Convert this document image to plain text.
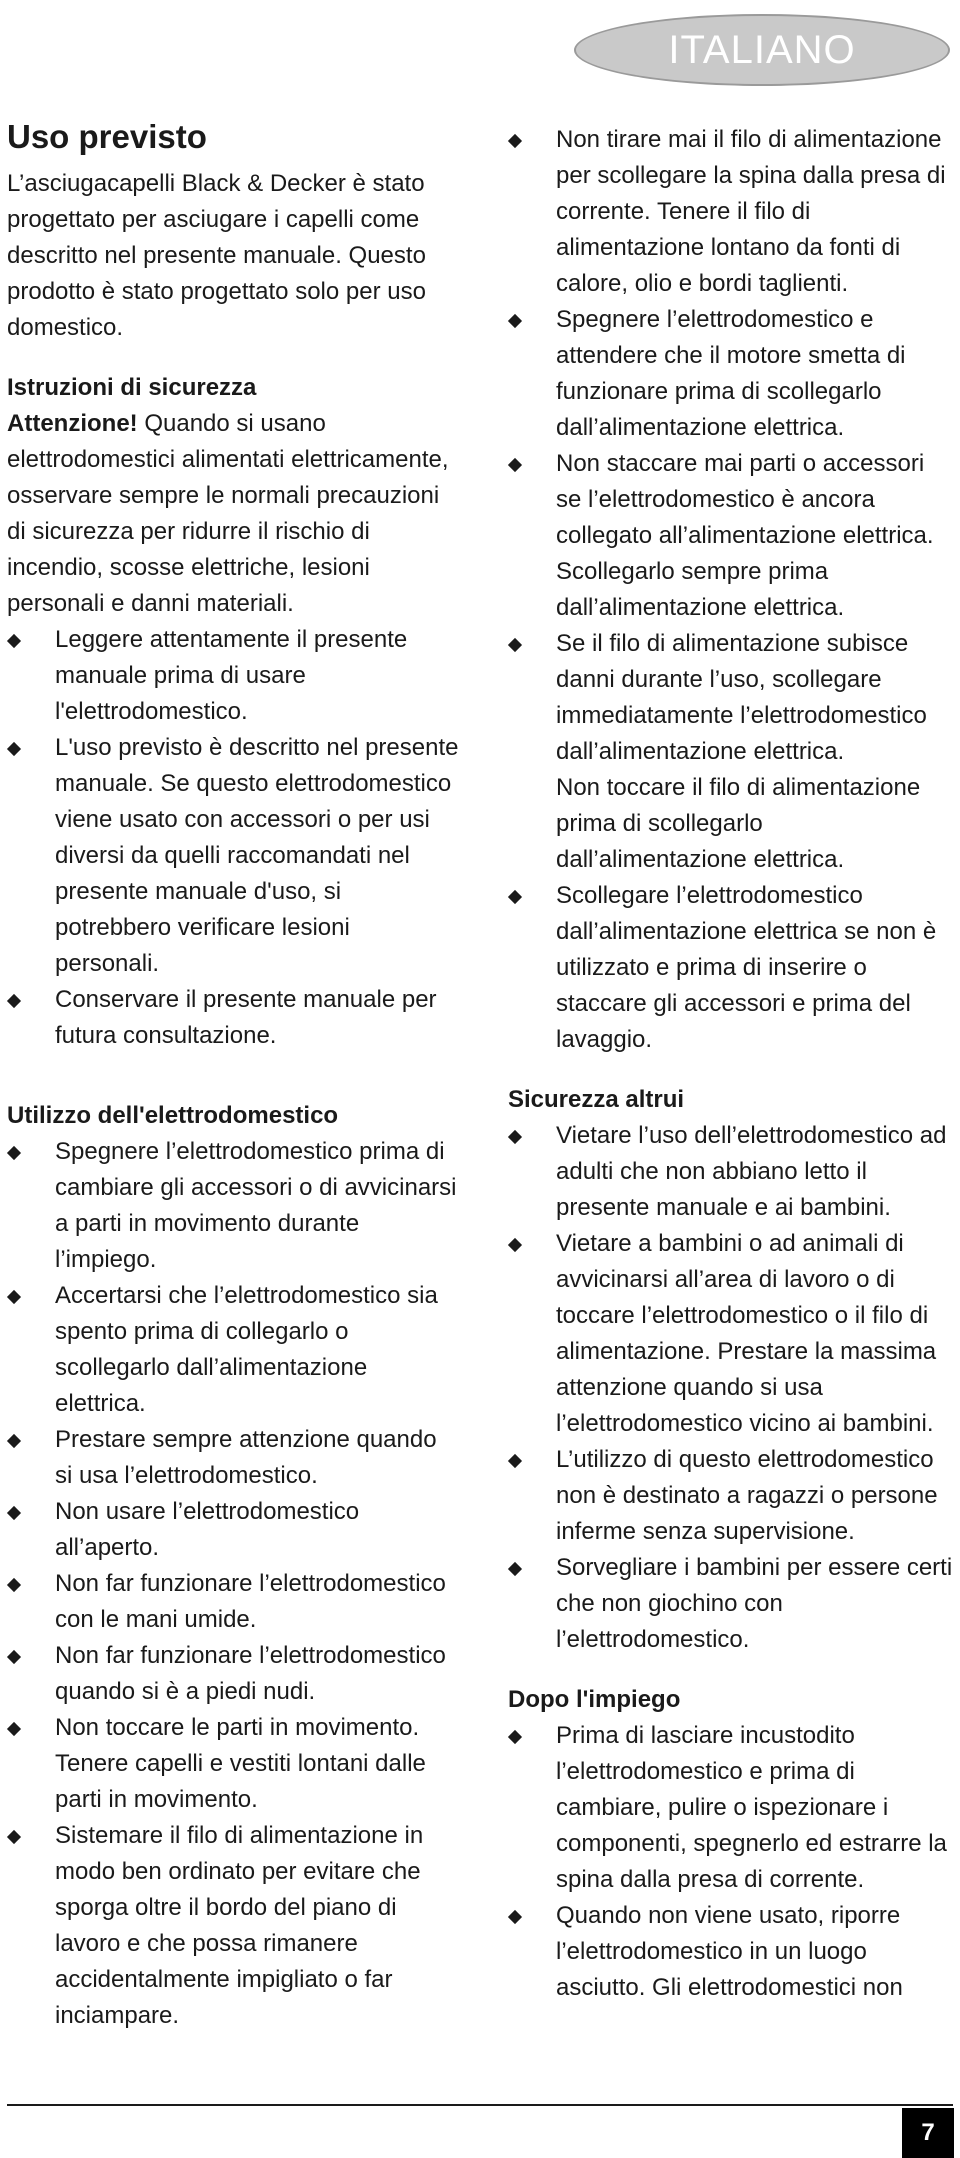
ITALIANO
Uso previsto

L’asciugacapelli Black & Decker è stato progettato per asciugare i capelli come descritto nel presente manuale. Questo prodotto è stato progettato solo per uso domestico.

Istruzioni di sicurezza

Attenzione! Quando si usano elettrodomestici alimentati elettricamente, osservare sempre le normali precauzioni di sicurezza per ridurre il rischio di incendio, scosse elettriche, lesioni personali e danni materiali.

Leggere attentamente il presente manuale prima di usare l'elettrodomestico.
L'uso previsto è descritto nel presente manuale. Se questo elettrodomestico viene usato con accessori o per usi diversi da quelli raccomandati nel presente manuale d'uso, si potrebbero verificare lesioni personali.
Conservare il presente manuale per futura consultazione.
Utilizzo dell'elettrodomestico
Spegnere l’elettrodomestico prima di cambiare gli accessori o di avvicinarsi a parti in movimento durante l’impiego.
Accertarsi che l’elettrodomestico sia spento prima di collegarlo o scollegarlo dall’alimentazione elettrica.
Prestare sempre attenzione quando si usa l’elettrodomestico.
Non usare l’elettrodomestico all’aperto.
Non far funzionare l’elettrodomestico con le mani umide.
Non far funzionare l’elettrodomestico quando si è a piedi nudi.
Non toccare le parti in movimento. Tenere capelli e vestiti lontani dalle parti in movimento.
Sistemare il filo di alimentazione in modo ben ordinato per evitare che sporga oltre il bordo del piano di lavoro e che possa rimanere accidentalmente impigliato o far inciampare.
Non tirare mai il filo di alimentazione per scollegare la spina dalla presa di corrente. Tenere il filo di alimentazione lontano da fonti di calore, olio e bordi taglienti.
Spegnere l’elettrodomestico e attendere che il motore smetta di funzionare prima di scollegarlo dall’alimentazione elettrica.
Non staccare mai parti o accessori se l’elettrodomestico è ancora collegato all’alimentazione elettrica. Scollegarlo sempre prima dall’alimentazione elettrica.
Se il filo di alimentazione subisce danni durante l’uso, scollegare immediatamente l’elettrodomestico dall’alimentazione elettrica.
Non toccare il filo di alimentazione prima di scollegarlo dall’alimentazione elettrica.
Scollegare l’elettrodomestico dall’alimentazione elettrica se non è utilizzato e prima di inserire o staccare gli accessori e prima del lavaggio.
Sicurezza altrui
Vietare l’uso dell’elettrodomestico ad adulti che non abbiano letto il presente manuale e ai bambini.
Vietare a bambini o ad animali di avvicinarsi all’area di lavoro o di toccare l’elettrodomestico o il filo di alimentazione. Prestare la massima attenzione quando si usa l’elettrodomestico vicino ai bambini.
L’utilizzo di questo elettrodomestico non è destinato a ragazzi o persone inferme senza supervisione.
Sorvegliare i bambini per essere certi che non giochino con l’elettrodomestico.
Dopo l'impiego
Prima di lasciare incustodito l’elettrodomestico e prima di cambiare, pulire o ispezionare i componenti, spegnerlo ed estrarre la spina dalla presa di corrente.
Quando non viene usato, riporre l’elettrodomestico in un luogo asciutto. Gli elettrodomestici non
7
